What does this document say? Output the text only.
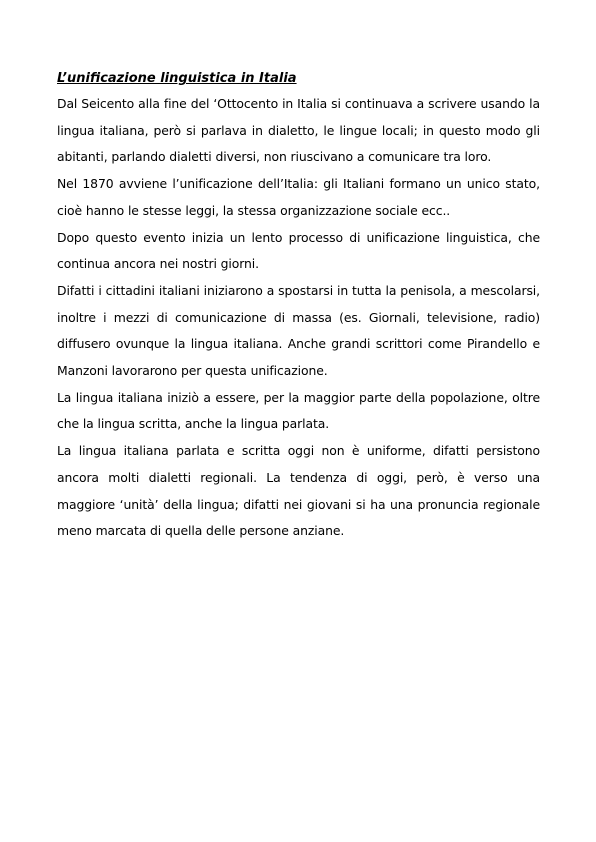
L’unificazione linguistica in Italia

Dal Seicento alla fine del ‘Ottocento in Italia si continuava a scrivere usando la lingua italiana, però si parlava in dialetto, le lingue locali; in questo modo gli abitanti, parlando dialetti diversi, non riuscivano a comunicare tra loro.

Nel 1870 avviene l’unificazione dell’Italia: gli Italiani formano un unico stato, cioè hanno le stesse leggi, la stessa organizzazione sociale ecc..

Dopo questo evento inizia un lento processo di unificazione linguistica, che continua ancora nei nostri giorni.

Difatti i cittadini italiani iniziarono a spostarsi in tutta la penisola, a mescolarsi, inoltre i mezzi di comunicazione di massa (es. Giornali, televisione, radio) diffusero ovunque la lingua italiana. Anche grandi scrittori come Pirandello e Manzoni lavorarono per questa unificazione.

La lingua italiana iniziò a essere, per la maggior parte della popolazione, oltre che la lingua scritta, anche la lingua parlata.

La lingua italiana parlata e scritta oggi non è uniforme, difatti persistono ancora molti dialetti regionali. La tendenza di oggi, però, è verso una maggiore ‘unità’ della lingua; difatti nei giovani si ha una pronuncia regionale meno marcata di quella delle persone anziane.
